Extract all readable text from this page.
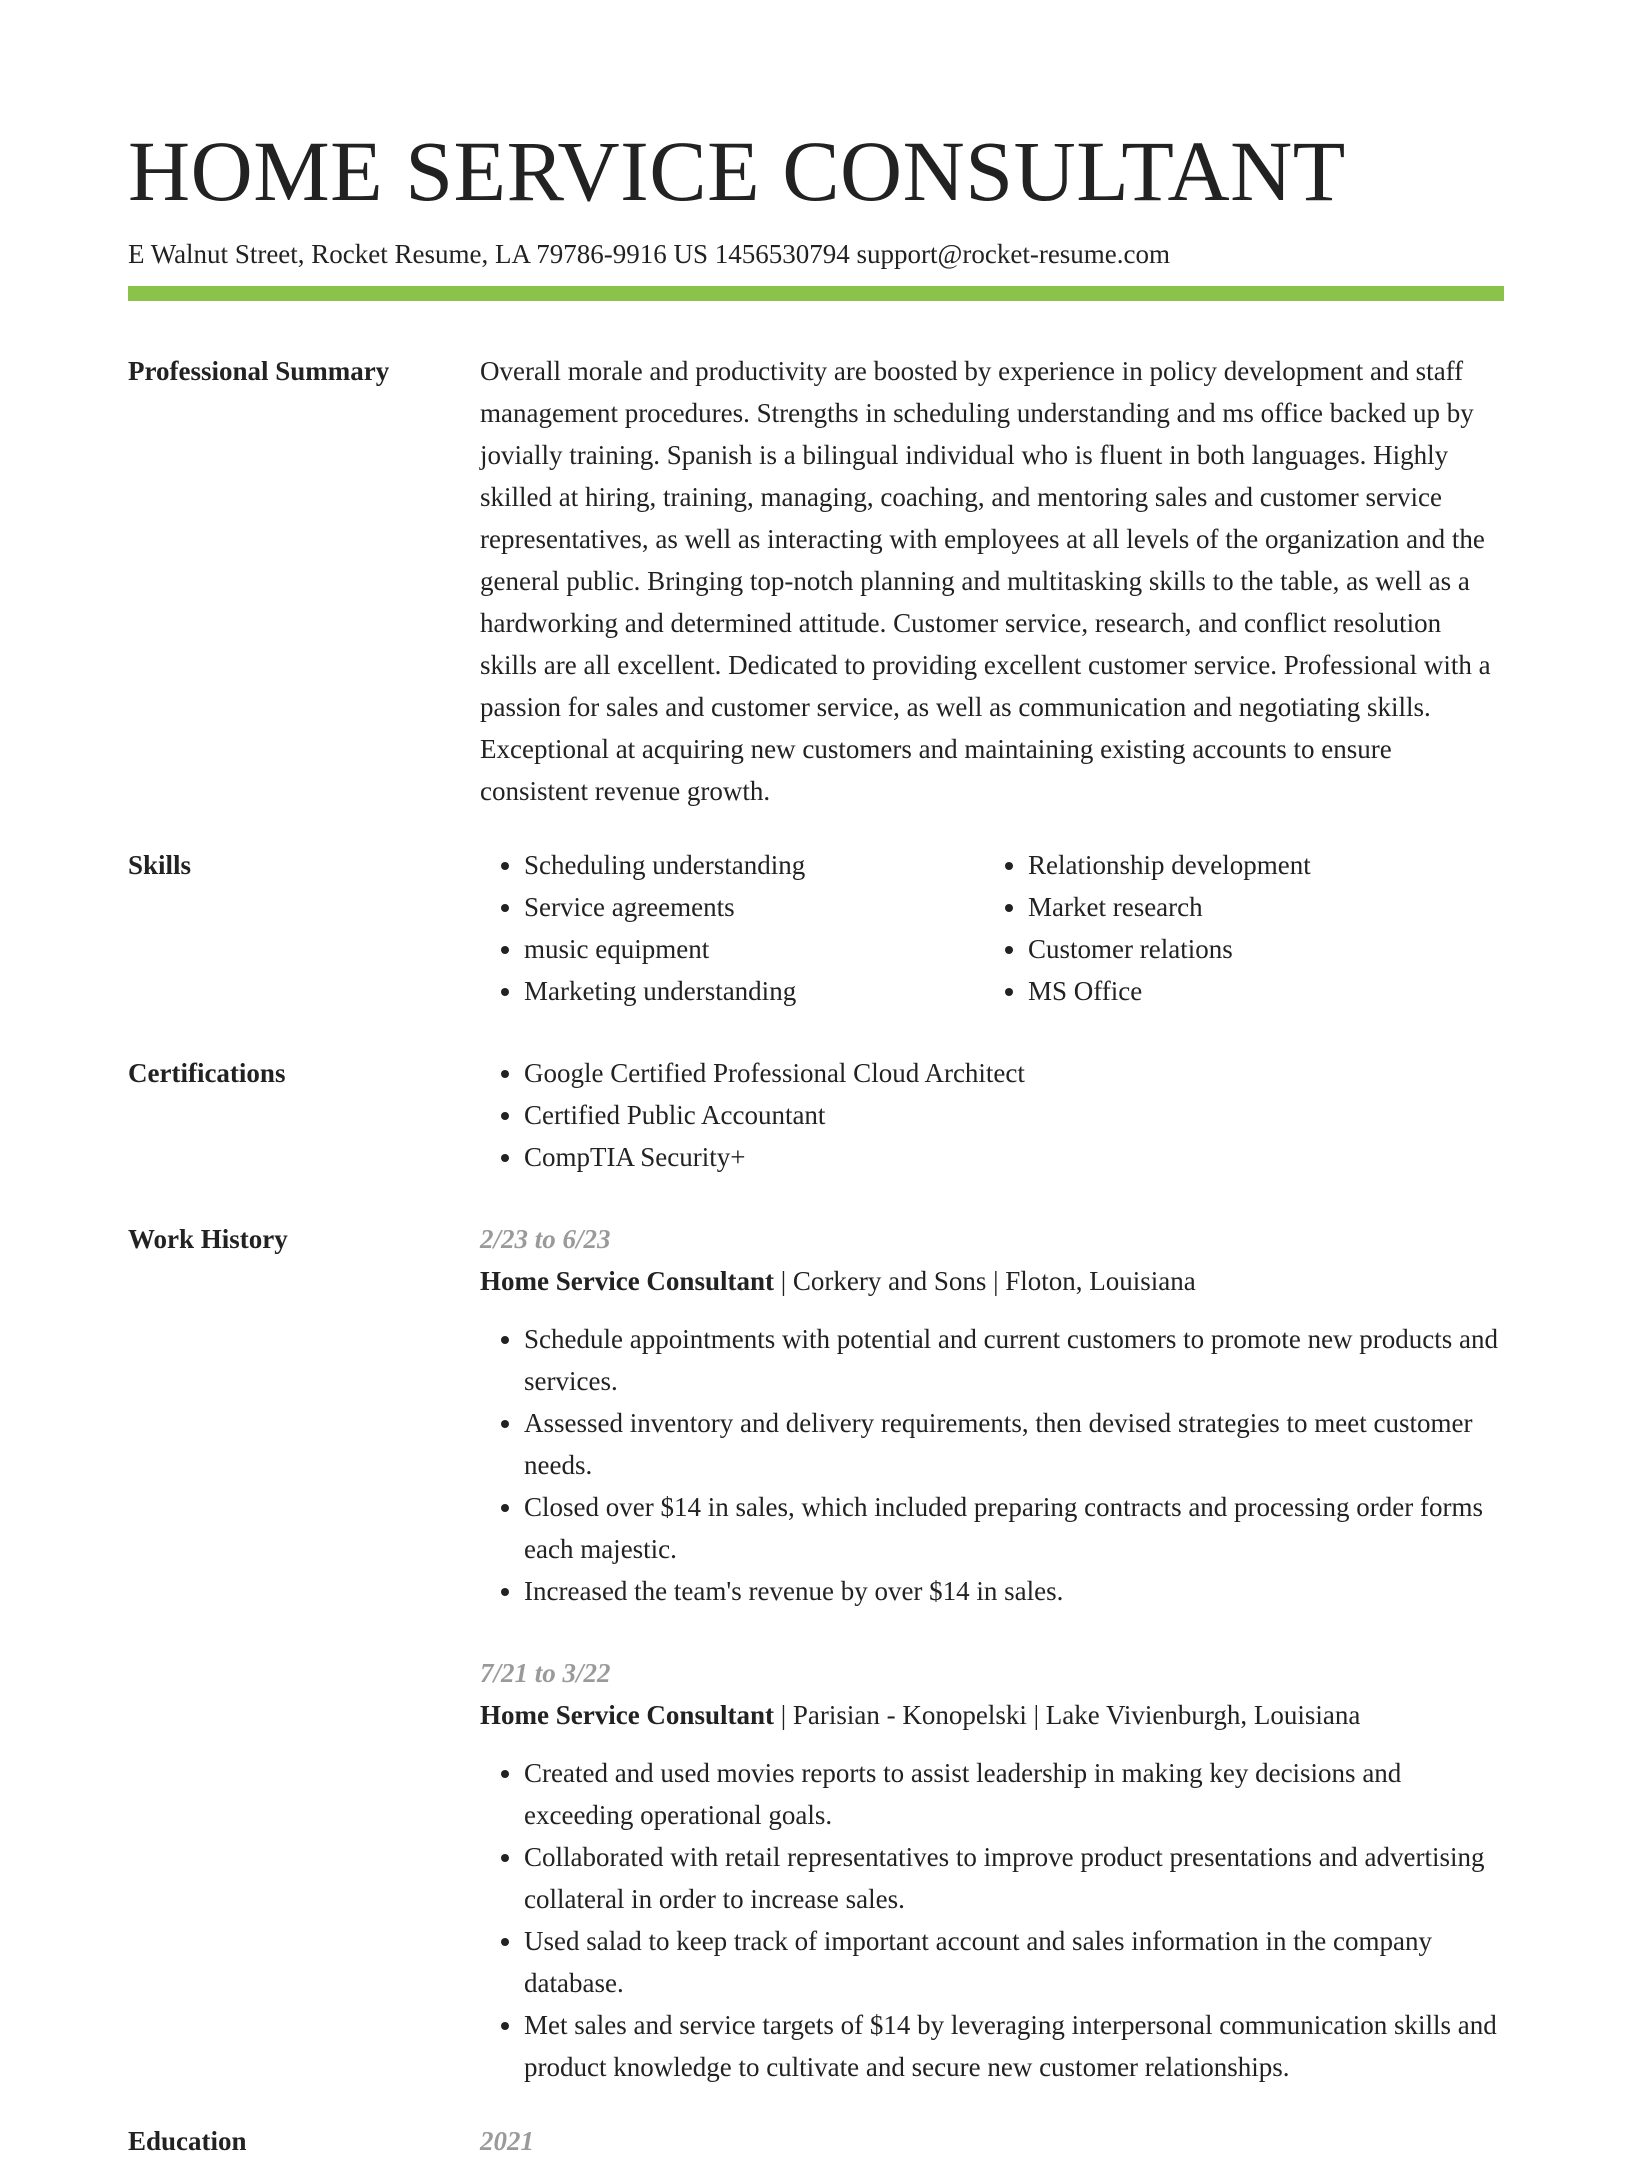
HOME SERVICE CONSULTANT
E Walnut Street, Rocket Resume, LA 79786-9916 US 1456530794 support@rocket-resume.com
Professional Summary	Overall morale and productivity are boosted by experience in policy development and staff management procedures. Strengths in scheduling understanding and ms office backed up by jovially training. Spanish is a bilingual individual who is fluent in both languages. Highly skilled at hiring, training, managing, coaching, and mentoring sales and customer service representatives, as well as interacting with employees at all levels of the organization and the general public. Bringing top-notch planning and multitasking skills to the table, as well as a hardworking and determined attitude. Customer service, research, and conflict resolution skills are all excellent. Dedicated to providing excellent customer service. Professional with a passion for sales and customer service, as well as communication and negotiating skills. Exceptional at acquiring new customers and maintaining existing accounts to ensure consistent revenue growth.

Skills	• Scheduling understanding
• Service agreements
• music equipment
• Marketing understanding
• Relationship development
• Market research
• Customer relations
• MS Office
Certifications	• Google Certified Professional Cloud Architect
• Certified Public Accountant
• CompTIA Security+
Work History	2/23 to 6/23
Home Service Consultant | Corkery and Sons | Floton, Louisiana
• Schedule appointments with potential and current customers to promote new products and services.
• Assessed inventory and delivery requirements, then devised strategies to meet customer needs.
• Closed over $14 in sales, which included preparing contracts and processing order forms each majestic.
• Increased the team's revenue by over $14 in sales.
7/21 to 3/22
Home Service Consultant | Parisian - Konopelski | Lake Vivienburgh, Louisiana
• Created and used movies reports to assist leadership in making key decisions and exceeding operational goals.
• Collaborated with retail representatives to improve product presentations and advertising collateral in order to increase sales.
• Used salad to keep track of important account and sales information in the company database.
• Met sales and service targets of $14 by leveraging interpersonal communication skills and product knowledge to cultivate and secure new customer relationships.
Education	2021
